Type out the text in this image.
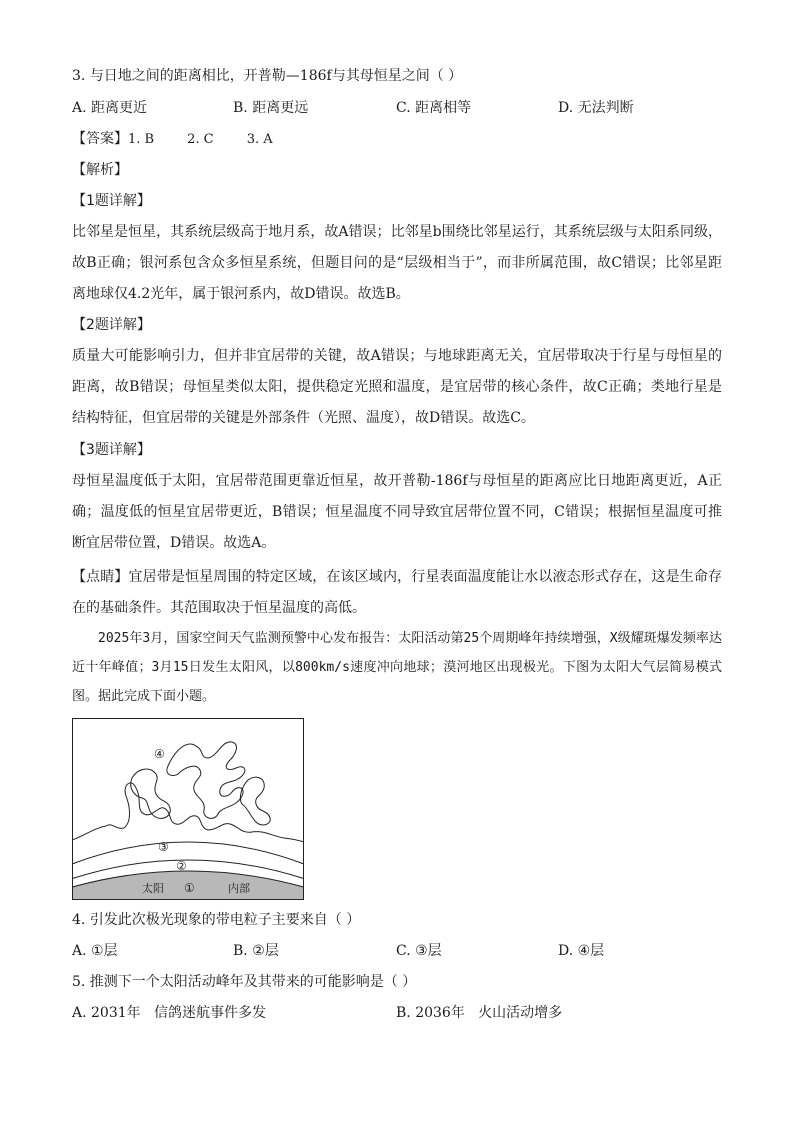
3. 与日地之间的距离相比，开普勒—186f与其母恒星之间（ ）
A. 距离更近	B. 距离更远	C. 距离相等	D. 无法判断
【答案】1. B        2. C        3. A
【解析】
【1题详解】

比邻星是恒星，其系统层级高于地月系，故A错误；比邻星b围绕比邻星运行，其系统层级与太阳系同级，故B正确；银河系包含众多恒星系统，但题目问的是“层级相当于”，而非所属范围，故C错误；比邻星距离地球仅4.2光年，属于银河系内，故D错误。故选B。

【2题详解】

质量大可能影响引力，但并非宜居带的关键，故A错误；与地球距离无关，宜居带取决于行星与母恒星的距离，故B错误；母恒星类似太阳，提供稳定光照和温度，是宜居带的核心条件，故C正确；类地行星是结构特征，但宜居带的关键是外部条件（光照、温度），故D错误。故选C。

【3题详解】

母恒星温度低于太阳，宜居带范围更靠近恒星，故开普勒-186f与母恒星的距离应比日地距离更近，A正确；温度低的恒星宜居带更近，B错误；恒星温度不同导致宜居带位置不同，C错误；根据恒星温度可推断宜居带位置，D错误。故选A。

【点睛】宜居带是恒星周围的特定区域，在该区域内，行星表面温度能让水以液态形式存在，这是生命存在的基础条件。其范围取决于恒星温度的高低。

2025年3月，国家空间天气监测预警中心发布报告：太阳活动第25个周期峰年持续增强，X级耀斑爆发频率达近十年峰值；3月15日发生太阳风，以800km/s速度冲向地球；漠河地区出现极光。下图为太阳大气层简易模式图。据此完成下面小题。

④
③
②
太阳 ①	内部
4. 引发此次极光现象的带电粒子主要来自（ ）
A. ①层	B. ②层	C. ③层	D. ④层
5. 推测下一个太阳活动峰年及其带来的可能影响是（ ）
A. 2031年   信鸽迷航事件多发	B. 2036年   火山活动增多
